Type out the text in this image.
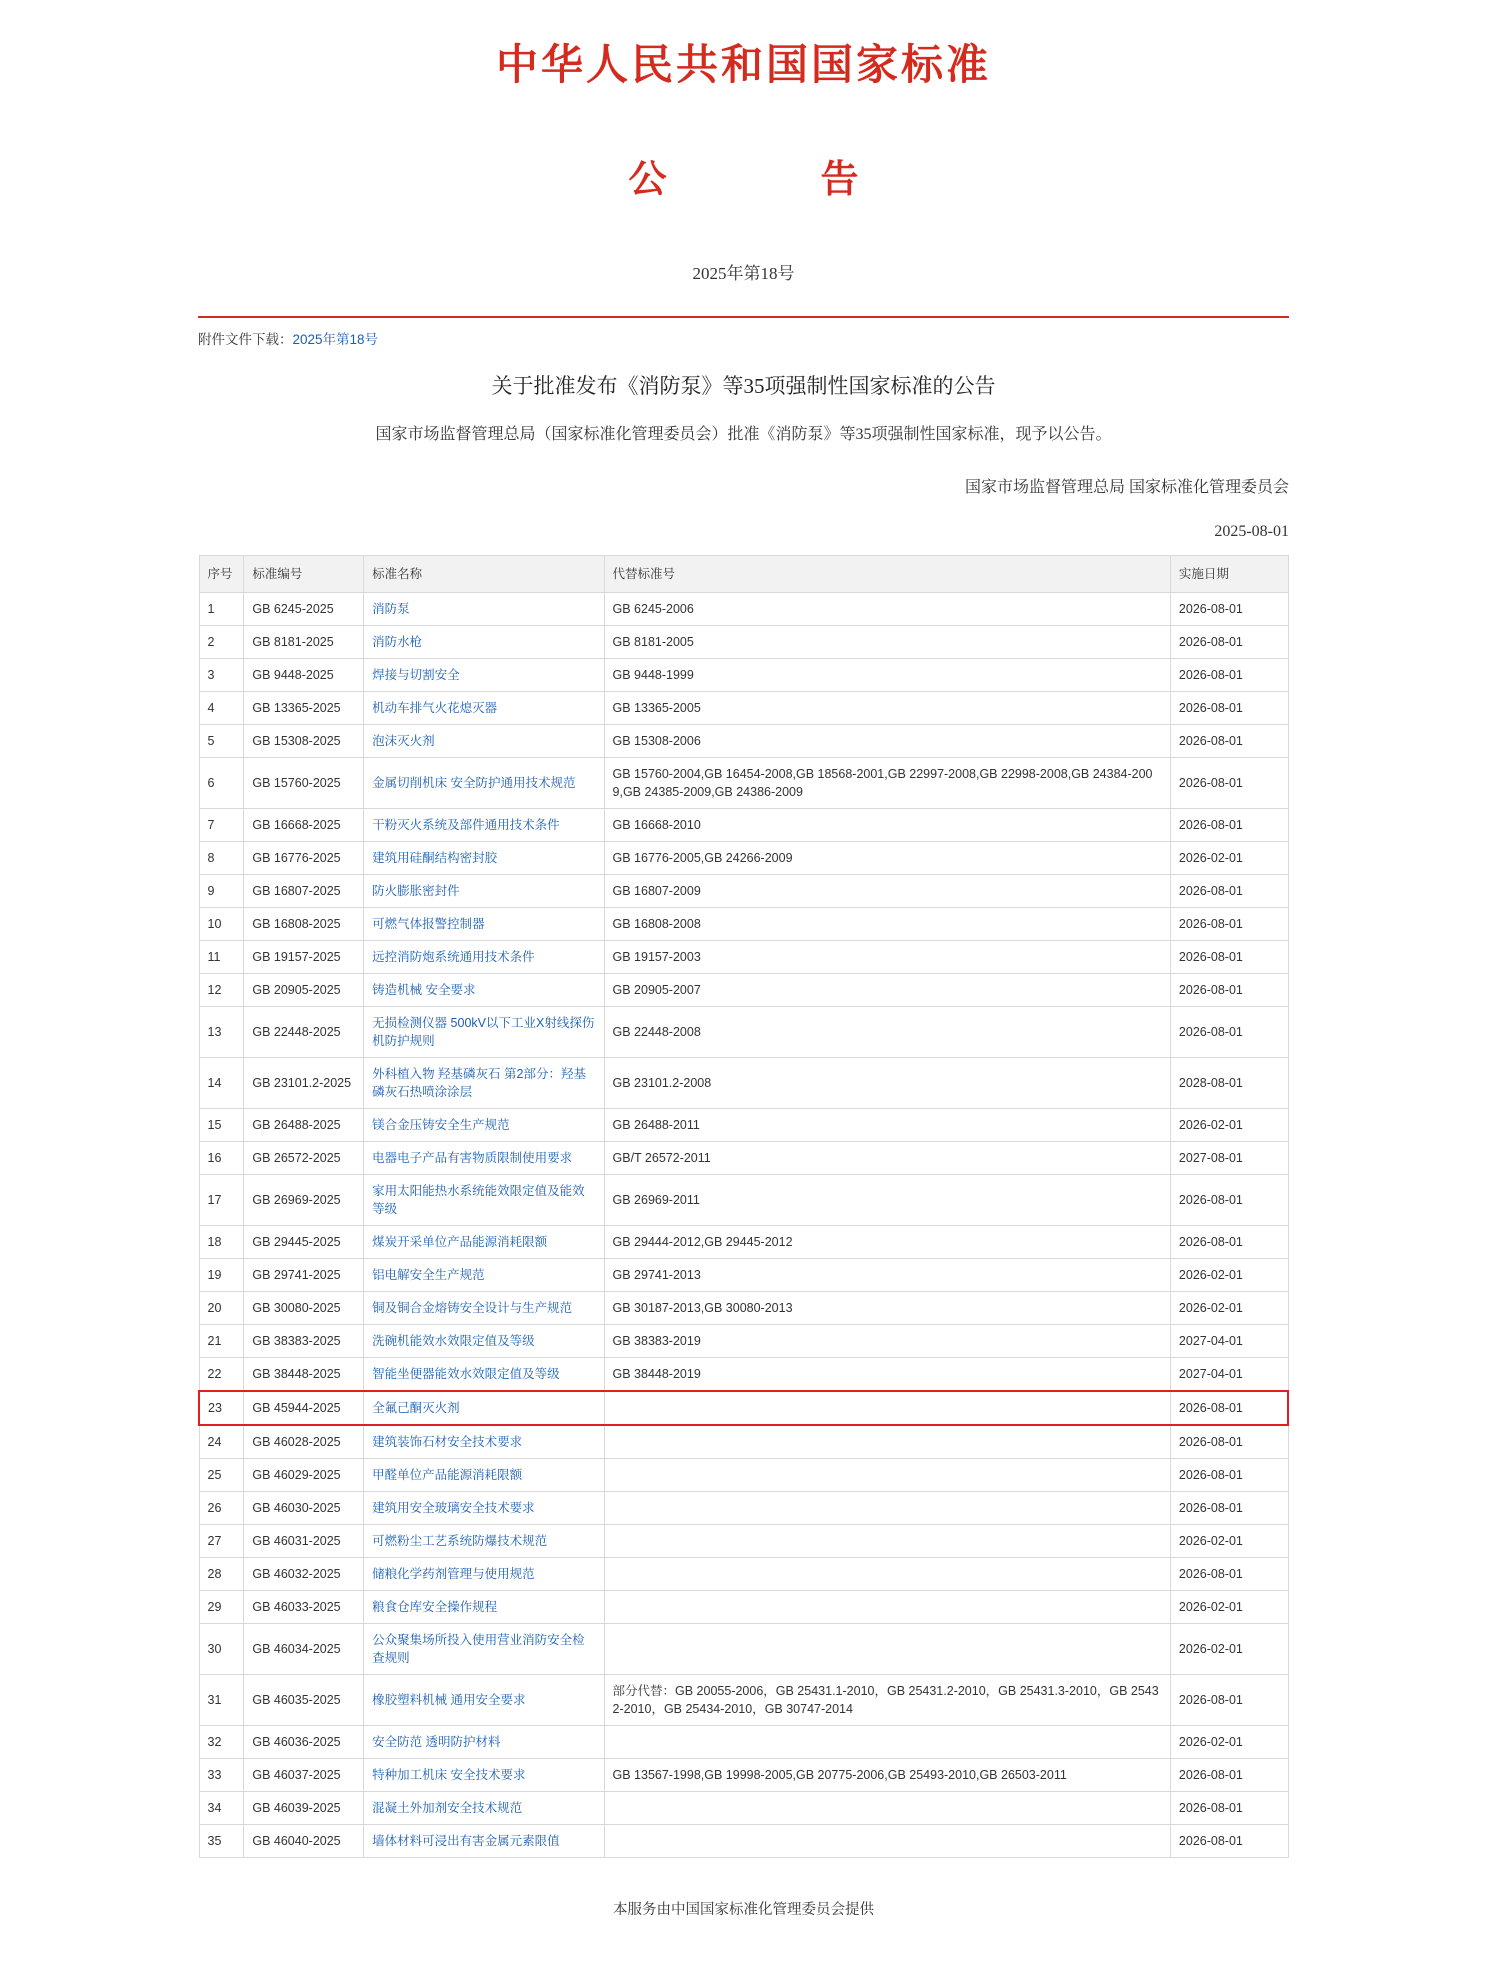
中华人民共和国国家标准
公　　告
2025年第18号
附件文件下载：2025年第18号
关于批准发布《消防泵》等35项强制性国家标准的公告
国家市场监督管理总局（国家标准化管理委员会）批准《消防泵》等35项强制性国家标准，现予以公告。
国家市场监督管理总局 国家标准化管理委员会
2025-08-01
序号	标准编号	标准名称	代替标准号	实施日期
1	GB 6245-2025	消防泵	GB 6245-2006	2026-08-01
2	GB 8181-2025	消防水枪	GB 8181-2005	2026-08-01
3	GB 9448-2025	焊接与切割安全	GB 9448-1999	2026-08-01
4	GB 13365-2025	机动车排气火花熄灭器	GB 13365-2005	2026-08-01
5	GB 15308-2025	泡沫灭火剂	GB 15308-2006	2026-08-01
6	GB 15760-2025	金属切削机床 安全防护通用技术规范	GB 15760-2004,GB 16454-2008,GB 18568-2001,GB 22997-2008,GB 22998-2008,GB 24384-2009,GB 24385-2009,GB 24386-2009	2026-08-01
7	GB 16668-2025	干粉灭火系统及部件通用技术条件	GB 16668-2010	2026-08-01
8	GB 16776-2025	建筑用硅酮结构密封胶	GB 16776-2005,GB 24266-2009	2026-02-01
9	GB 16807-2025	防火膨胀密封件	GB 16807-2009	2026-08-01
10	GB 16808-2025	可燃气体报警控制器	GB 16808-2008	2026-08-01
11	GB 19157-2025	远控消防炮系统通用技术条件	GB 19157-2003	2026-08-01
12	GB 20905-2025	铸造机械 安全要求	GB 20905-2007	2026-08-01
13	GB 22448-2025	无损检测仪器 500kV以下工业X射线探伤机防护规则	GB 22448-2008	2026-08-01
14	GB 23101.2-2025	外科植入物 羟基磷灰石 第2部分：羟基磷灰石热喷涂涂层	GB 23101.2-2008	2028-08-01
15	GB 26488-2025	镁合金压铸安全生产规范	GB 26488-2011	2026-02-01
16	GB 26572-2025	电器电子产品有害物质限制使用要求	GB/T 26572-2011	2027-08-01
17	GB 26969-2025	家用太阳能热水系统能效限定值及能效等级	GB 26969-2011	2026-08-01
18	GB 29445-2025	煤炭开采单位产品能源消耗限额	GB 29444-2012,GB 29445-2012	2026-08-01
19	GB 29741-2025	铝电解安全生产规范	GB 29741-2013	2026-02-01
20	GB 30080-2025	铜及铜合金熔铸安全设计与生产规范	GB 30187-2013,GB 30080-2013	2026-02-01
21	GB 38383-2025	洗碗机能效水效限定值及等级	GB 38383-2019	2027-04-01
22	GB 38448-2025	智能坐便器能效水效限定值及等级	GB 38448-2019	2027-04-01
23	GB 45944-2025	全氟己酮灭火剂		2026-08-01
24	GB 46028-2025	建筑装饰石材安全技术要求		2026-08-01
25	GB 46029-2025	甲醛单位产品能源消耗限额		2026-08-01
26	GB 46030-2025	建筑用安全玻璃安全技术要求		2026-08-01
27	GB 46031-2025	可燃粉尘工艺系统防爆技术规范		2026-02-01
28	GB 46032-2025	储粮化学药剂管理与使用规范		2026-08-01
29	GB 46033-2025	粮食仓库安全操作规程		2026-02-01
30	GB 46034-2025	公众聚集场所投入使用营业消防安全检查规则		2026-02-01
31	GB 46035-2025	橡胶塑料机械 通用安全要求	部分代替：GB 20055-2006，GB 25431.1-2010，GB 25431.2-2010，GB 25431.3-2010，GB 25432-2010，GB 25434-2010，GB 30747-2014	2026-08-01
32	GB 46036-2025	安全防范 透明防护材料		2026-02-01
33	GB 46037-2025	特种加工机床 安全技术要求	GB 13567-1998,GB 19998-2005,GB 20775-2006,GB 25493-2010,GB 26503-2011	2026-08-01
34	GB 46039-2025	混凝土外加剂安全技术规范		2026-08-01
35	GB 46040-2025	墙体材料可浸出有害金属元素限值		2026-08-01
本服务由中国国家标准化管理委员会提供
